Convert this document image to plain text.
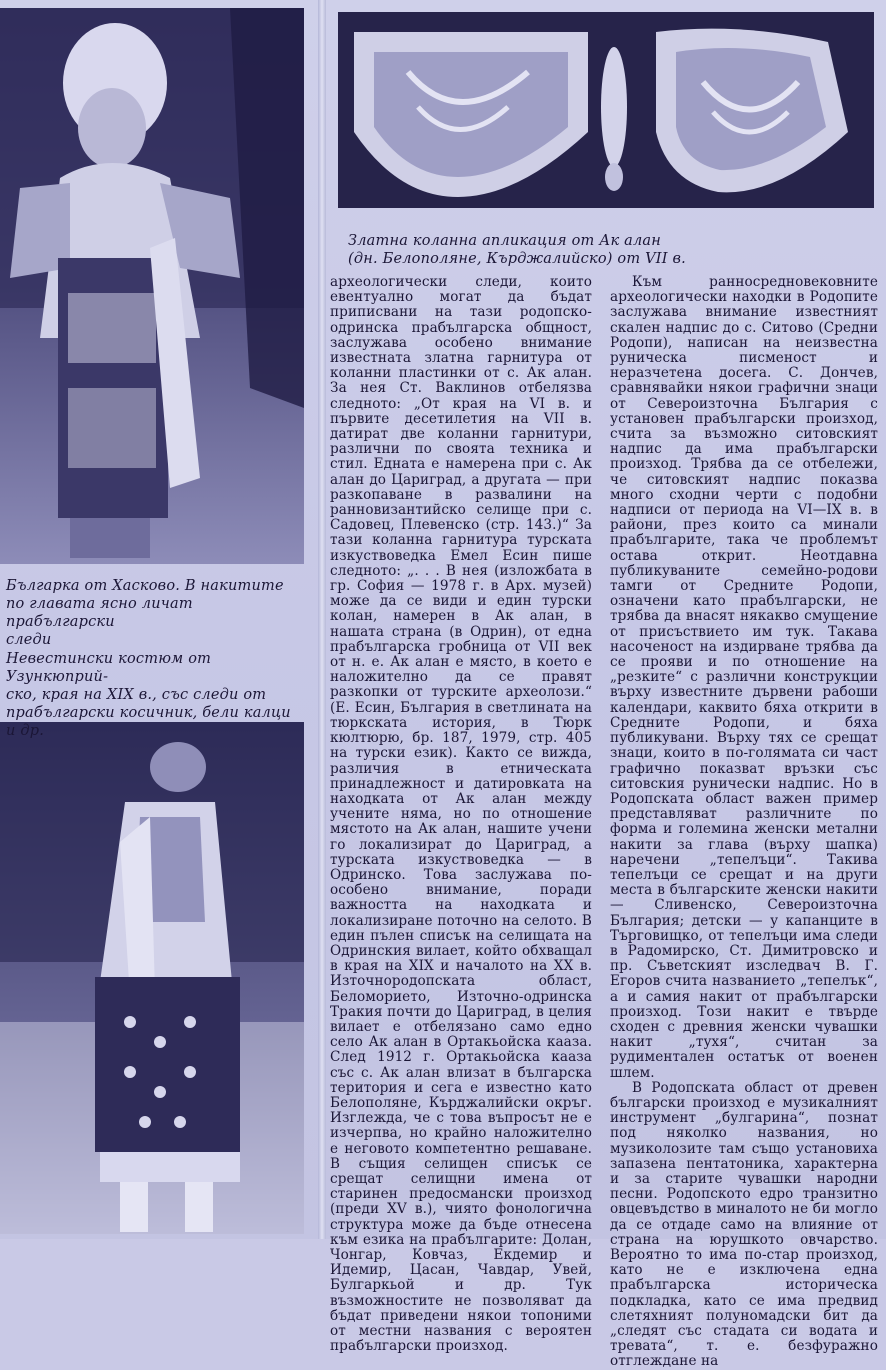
Златна коланна апликация от Ак алан
(дн. Белополяне, Кърджалийско) от VII в.
Българка от Хасково. В накитите
по главата ясно личат прабългарски
следи
Невестински костюм от Узункюприй-
ско, края на XIX в., със следи от
прабългарски косичник, бели калци
и др.

археологически следи, които евентуално могат да бъдат приписвани на тази родопско-одринска прабългарска общност, заслужава особено внимание известната златна гарнитура от коланни пластинки от с. Ак алан. За нея Ст. Ваклинов отбелязва следното: „От края на VI в. и първите десетилетия на VII в. датират две коланни гарнитури, различни по своята техника и стил. Едната е намерена при с. Ак алан до Цариград, а другата — при разкопаване в развалини на ранновизантийско селище при с. Садовец, Плевенско (стр. 143.)“ За тази коланна гарнитура турската изкуствоведка Емел Есин пише следното: „. . . В нея (изложбата в гр. София — 1978 г. в Арх. музей) може да се види и един турски колан, намерен в Ак алан, в нашата страна (в Одрин), от една прабългарска гробница от VII век от н. е. Ак алан е място, в което е наложително да се правят разкопки от турските археолози.“ (Е. Есин, България в светлината на тюркската история, в Тюрк кюлтюрю, бр. 187, 1979, стр. 405 на турски език). Както се вижда, различия в етническата принадлежност и датировката на находката от Ак алан между учените няма, но по отношение мястото на Ак алан, нашите учени го локализират до Цариград, а турската изкуствоведка — в Одринско. Това заслужава по-особено внимание, поради важността на находката и локализиране поточно на селото. В един пълен списък на селищата на Одринския вилает, който обхващал в края на XIX и началото на XX в. Източнородопската област, Беломорието, Източно-одринска Тракия почти до Цариград, в целия вилает е отбелязано само едно село Ак алан в Ортакьойска кааза. След 1912 г. Ортакьойска кааза със с. Ак алан влизат в българска територия и сега е известно като Белополяне, Кърджалийски окръг. Изглежда, че с това въпросът не е изчерпва, но крайно наложително е неговото компетентно решаване. В същия селищен списък се срещат селищни имена от старинен предосмански произход (преди XV в.), чиято фонологична структура може да бъде отнесена към езика на прабългарите: Долан, Чонгар, Ковчаз, Екдемир и Идемир, Цасан, Чавдар, Увей, Булгаркьой и др. Тук възможностите не позволяват да бъдат приведени някои топоними от местни названия с вероятен прабългарски произход.

Към ранносредновековните археологически находки в Родопите заслужава внимание известният скален надпис до с. Ситово (Средни Родопи), написан на неизвестна руническа писменост и неразчетена досега. С. Дончев, сравнявайки някои графични знаци от Североизточна България с установен прабългарски произход, счита за възможно ситовският надпис да има прабългарски произход. Трябва да се отбележи, че ситовският надпис показва много сходни черти с подобни надписи от периода на VI—IX в. в райони, през които са минали прабългарите, така че проблемът остава открит. Неотдавна публикуваните семейно-родови тамги от Средните Родопи, означени като прабългарски, не трябва да внасят някакво смущение от присъствието им тук. Такава насоченост на издирване трябва да се прояви и по отношение на „резките“ с различни конструкции върху известните дървени рабоши календари, каквито бяха открити в Средните Родопи, и бяха публикувани. Върху тях се срещат знаци, които в по-голямата си част графично показват връзки със ситовския рунически надпис. Но в Родопската област важен пример представляват различните по форма и големина женски метални накити за глава (върху шапка) наречени „тепелъци“. Такива тепелъци се срещат и на други места в българските женски накити — Сливенско, Североизточна България; детски — у капанците в Търговищко, от тепелъци има следи в Радомирско, Ст. Димитровско и пр. Съветският изследвач В. Г. Егоров счита названието „тепелък“, а и самия накит от прабългарски произход. Този накит е твърде сходен с древния женски чувашки накит „тухя“, считан за рудиментален остатък от военен шлем.

В Родопската област от древен български произход е музикалният инструмент „булгарина“, познат под няколко названия, но музиколозите там също установиха запазена пентатоника, характерна и за старите чувашки народни песни. Родопското едро транзитно овцевъдство в миналото не би могло да се отдаде само на влияние от страна на юрушкото овчарство. Вероятно то има по-стар произход, като не е изключена една прабългарска историческа подкладка, като се има предвид слетяхният полуномадски бит да „следят със стадата си водата и тревата“, т. е. безфуражно отглеждане на
